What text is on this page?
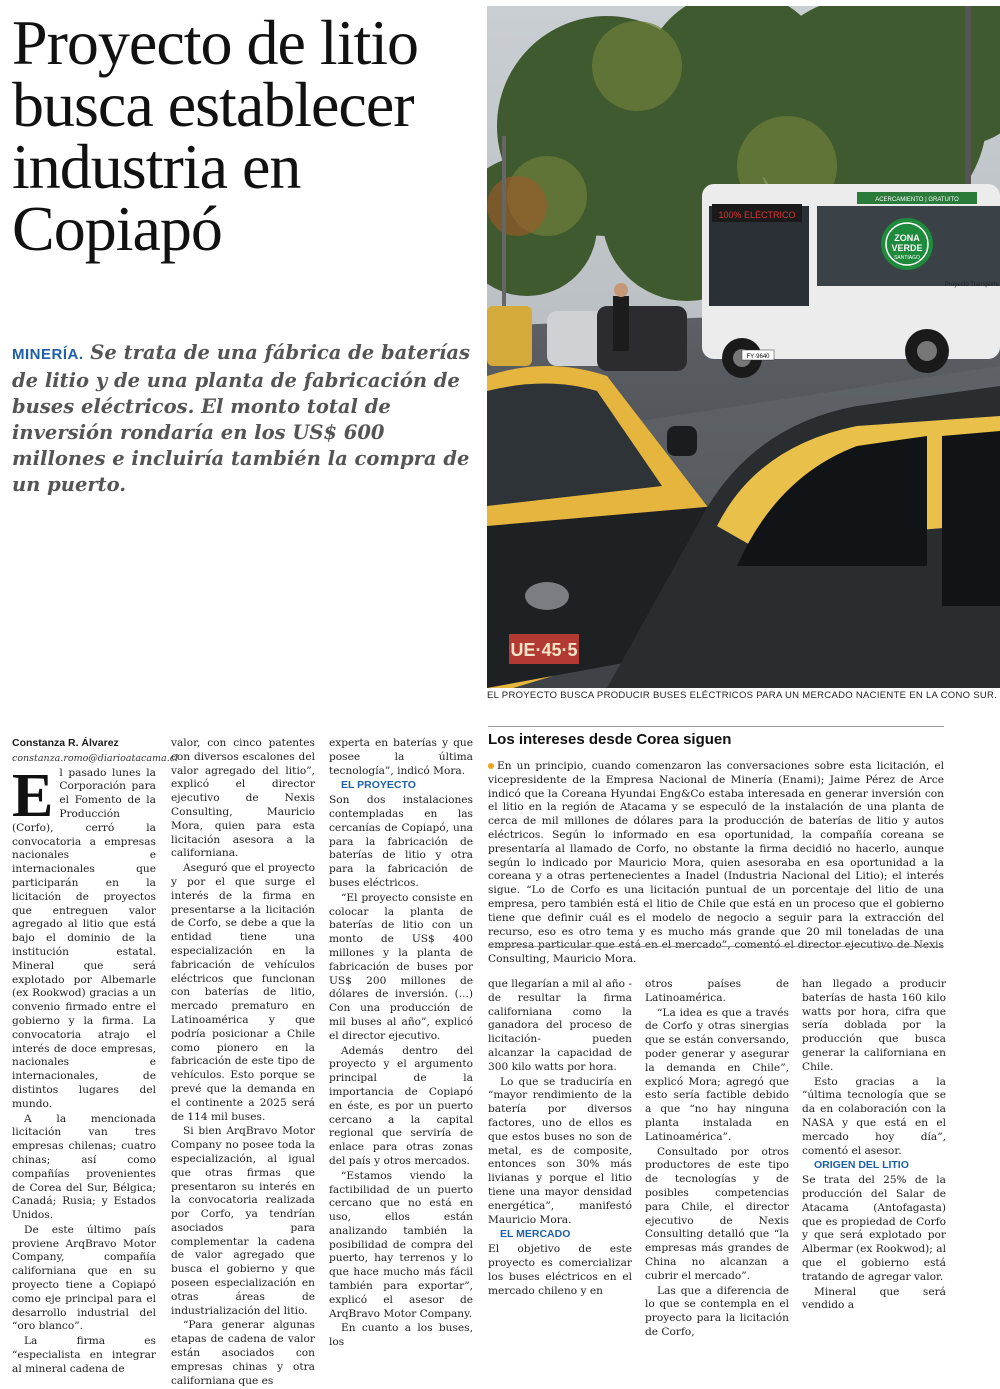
Proyecto de litio busca establecer industria en Copiapó

MINERÍA. Se trata de una fábrica de baterías de litio y de una planta de fabricación de buses eléctricos. El monto total de inversión rondaría en los US$ 600 millones e incluiría también la compra de un puerto.

100% ELÉCTRICO
ACERCAMIENTO | GRATUITO
ZONA
VERDE
SANTIAGO
Proyecto Transporte
FY·9640
UE·45·5

EL PROYECTO BUSCA PRODUCIR BUSES ELÉCTRICOS PARA UN MERCADO NACIENTE EN LA CONO SUR.

Constanza R. Álvarez

constanza.romo@diarioatacama.cl

El pasado lunes la Corporación para el Fomento de la Producción (Corfo), cerró la convocatoria a empresas nacionales e internacionales que participarán en la licitación de proyectos que entreguen valor agregado al litio que está bajo el dominio de la institución estatal. Mineral que será explotado por Albemarle (ex Rookwod) gracias a un convenio firmado entre el gobierno y la firma. La convocatoria atrajo el interés de doce empresas, nacionales e internacionales, de distintos lugares del mundo.

A la mencionada licitación van tres empresas chilenas; cuatro chinas; así como compañías provenientes de Corea del Sur, Bélgica; Canadá; Rusia; y Estados Unidos.

De este último país proviene ArqBravo Motor Company, compañía californiana que en su proyecto tiene a Copiapó como eje principal para el desarrollo industrial del “oro blanco”.

La firma es “especialista en integrar al mineral cadena de

valor, con cinco patentes con diversos escalones del valor agregado del litio”, explicó el director ejecutivo de Nexis Consulting, Mauricio Mora, quien para esta licitación asesora a la californiana.

Aseguró que el proyecto y por el que surge el interés de la firma en presentarse a la licitación de Corfo, se debe a que la entidad tiene una especialización en la fabricación de vehículos eléctricos que funcionan con baterías de litio, mercado prematuro en Latinoamérica y que podría posicionar a Chile como pionero en la fabricación de este tipo de vehículos. Esto porque se prevé que la demanda en el continente a 2025 será de 114 mil buses.

Si bien ArqBravo Motor Company no posee toda la especialización, al igual que otras firmas que presentaron su interés en la convocatoria realizada por Corfo, ya tendrían asociados para complementar la cadena de valor agregado que busca el gobierno y que poseen especialización en otras áreas de industrialización del litio.

“Para generar algunas etapas de cadena de valor están asociados con empresas chinas y otra californiana que es

experta en baterías y que posee la última tecnología”, indicó Mora.

EL PROYECTO

Son dos instalaciones contempladas en las cercanías de Copiapó, una para la fabricación de baterías de litio y otra para la fabricación de buses eléctricos.

“El proyecto consiste en colocar la planta de baterías de litio con un monto de US$ 400 millones y la planta de fabricación de buses por US$ 200 millones de dólares de inversión. (...) Con una producción de mil buses al año”, explicó el director ejecutivo.

Además dentro del proyecto y el argumento principal de la importancia de Copiapó en éste, es por un puerto cercano a la capital regional que serviría de enlace para otras zonas del país y otros mercados.

“Estamos viendo la factibilidad de un puerto cercano que no está en uso, ellos están analizando también la posibilidad de compra del puerto, hay terrenos y lo que hace mucho más fácil también para exportar”, explicó el asesor de ArqBravo Motor Company.

En cuanto a los buses, los

Los intereses desde Corea siguen

En un principio, cuando comenzaron las conversaciones sobre esta licitación, el vicepresidente de la Empresa Nacional de Minería (Enami); Jaime Pérez de Arce indicó que la Coreana Hyundai Eng&Co estaba interesada en generar inversión con el litio en la región de Atacama y se especuló de la instalación de una planta de cerca de mil millones de dólares para la producción de baterías de litio y autos eléctricos. Según lo informado en esa oportunidad, la compañía coreana se presentaría al llamado de Corfo, no obstante la firma decidió no hacerlo, aunque según lo indicado por Mauricio Mora, quien asesoraba en esa oportunidad a la coreana y a otras pertenecientes a Inadel (Industria Nacional del Litio); el interés sigue. “Lo de Corfo es una licitación puntual de un porcentaje del litio de una empresa, pero también está el litio de Chile que está en un proceso que el gobierno tiene que definir cuál es el modelo de negocio a seguir para la extracción del recurso, eso es otro tema y es mucho más grande que 20 mil toneladas de una Consulting, Mauricio Mora.

que llegarían a mil al año -de resultar la firma californiana como la ganadora del proceso de licitación- pueden alcanzar la capacidad de 300 kilo watts por hora.

Lo que se traduciría en “mayor rendimiento de la batería por diversos factores, uno de ellos es que estos buses no son de metal, es de composite, entonces son 30% más livianas y porque el litio tiene una mayor densidad energética”, manifestó Mauricio Mora.

EL MERCADO

El objetivo de este proyecto es comercializar los buses eléctricos en el mercado chileno y en

otros países de Latinoamérica.

“La idea es que a través de Corfo y otras sinergias que se están conversando, poder generar y asegurar la demanda en Chile”, explicó Mora; agregó que esto sería factible debido a que “no hay ninguna planta instalada en Latinoamérica”.

Consultado por otros productores de este tipo de tecnologías y de posibles competencias para Chile, el director ejecutivo de Nexis Consulting detalló que “la empresas más grandes de China no alcanzan a cubrir el mercado”.

Las que a diferencia de lo que se contempla en el proyecto para la licitación de Corfo,

han llegado a producir baterías de hasta 160 kilo watts por hora, cifra que sería doblada por la producción que busca generar la californiana en Chile.

Esto gracias a la “última tecnología que se da en colaboración con la NASA y que está en el mercado hoy día”, comentó el asesor.

ORIGEN DEL LITIO

Se trata del 25% de la producción del Salar de Atacama (Antofagasta) que es propiedad de Corfo y que será explotado por Albermar (ex Rookwod); al que el gobierno está tratando de agregar valor.

Mineral que será vendido a
